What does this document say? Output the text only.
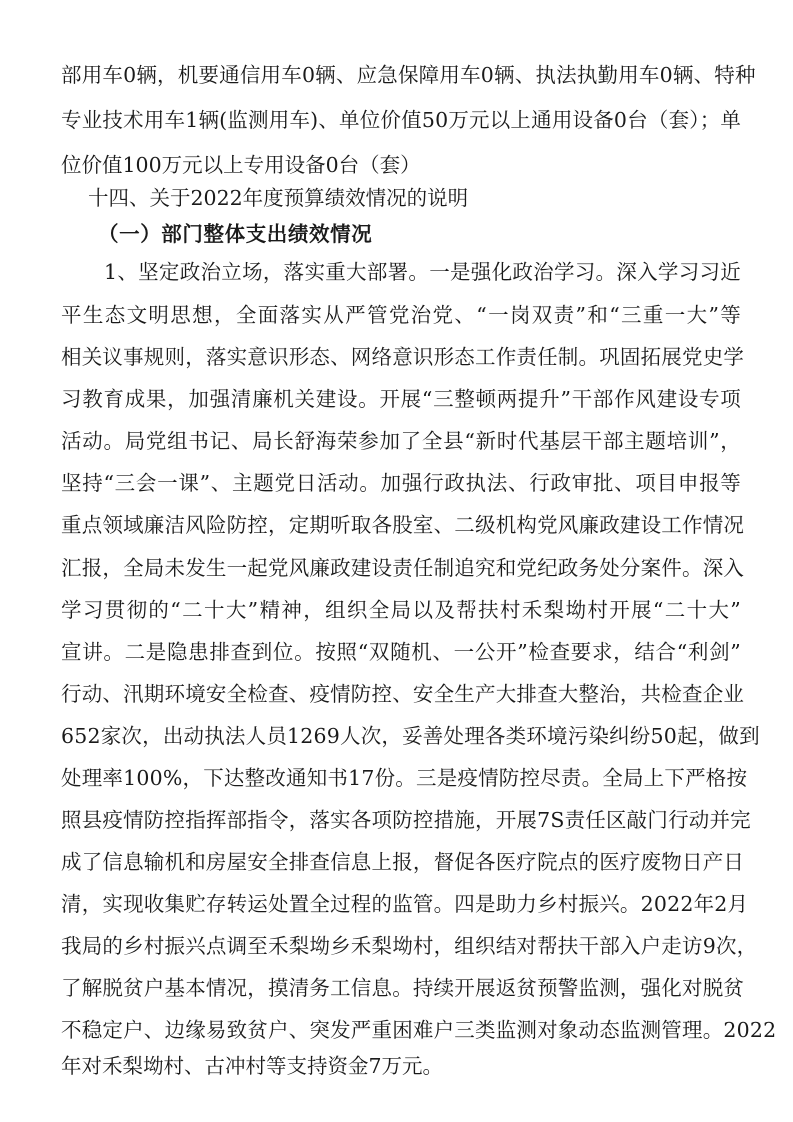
部用车0辆，机要通信用车0辆、应急保障用车0辆、执法执勤用车0辆、特种
专业技术用车1辆(监测用车)、单位价值50万元以上通用设备0台（套）；单
位价值100万元以上专用设备0台（套）
十四、关于2022年度预算绩效情况的说明
（一）部门整体支出绩效情况
1、坚定政治立场，落实重大部署。一是强化政治学习。深入学习习近
平生态文明思想，全面落实从严管党治党、“一岗双责”和“三重一大”等
相关议事规则，落实意识形态、网络意识形态工作责任制。巩固拓展党史学
习教育成果，加强清廉机关建设。开展“三整顿两提升”干部作风建设专项
活动。局党组书记、局长舒海荣参加了全县“新时代基层干部主题培训”，
坚持“三会一课”、主题党日活动。加强行政执法、行政审批、项目申报等
重点领域廉洁风险防控，定期听取各股室、二级机构党风廉政建设工作情况
汇报，全局未发生一起党风廉政建设责任制追究和党纪政务处分案件。深入
学习贯彻的“二十大”精神，组织全局以及帮扶村禾梨坳村开展“二十大”
宣讲。二是隐患排查到位。按照“双随机、一公开”检查要求，结合“利剑”
行动、汛期环境安全检查、疫情防控、安全生产大排查大整治，共检查企业
652家次，出动执法人员1269人次，妥善处理各类环境污染纠纷50起，做到
处理率100%，下达整改通知书17份。三是疫情防控尽责。全局上下严格按
照县疫情防控指挥部指令，落实各项防控措施，开展7S责任区敲门行动并完
成了信息输机和房屋安全排查信息上报，督促各医疗院点的医疗废物日产日
清，实现收集贮存转运处置全过程的监管。四是助力乡村振兴。2022年2月
我局的乡村振兴点调至禾梨坳乡禾梨坳村，组织结对帮扶干部入户走访9次，
了解脱贫户基本情况，摸清务工信息。持续开展返贫预警监测，强化对脱贫
不稳定户、边缘易致贫户、突发严重困难户三类监测对象动态监测管理。2022
年对禾梨坳村、古冲村等支持资金7万元。
